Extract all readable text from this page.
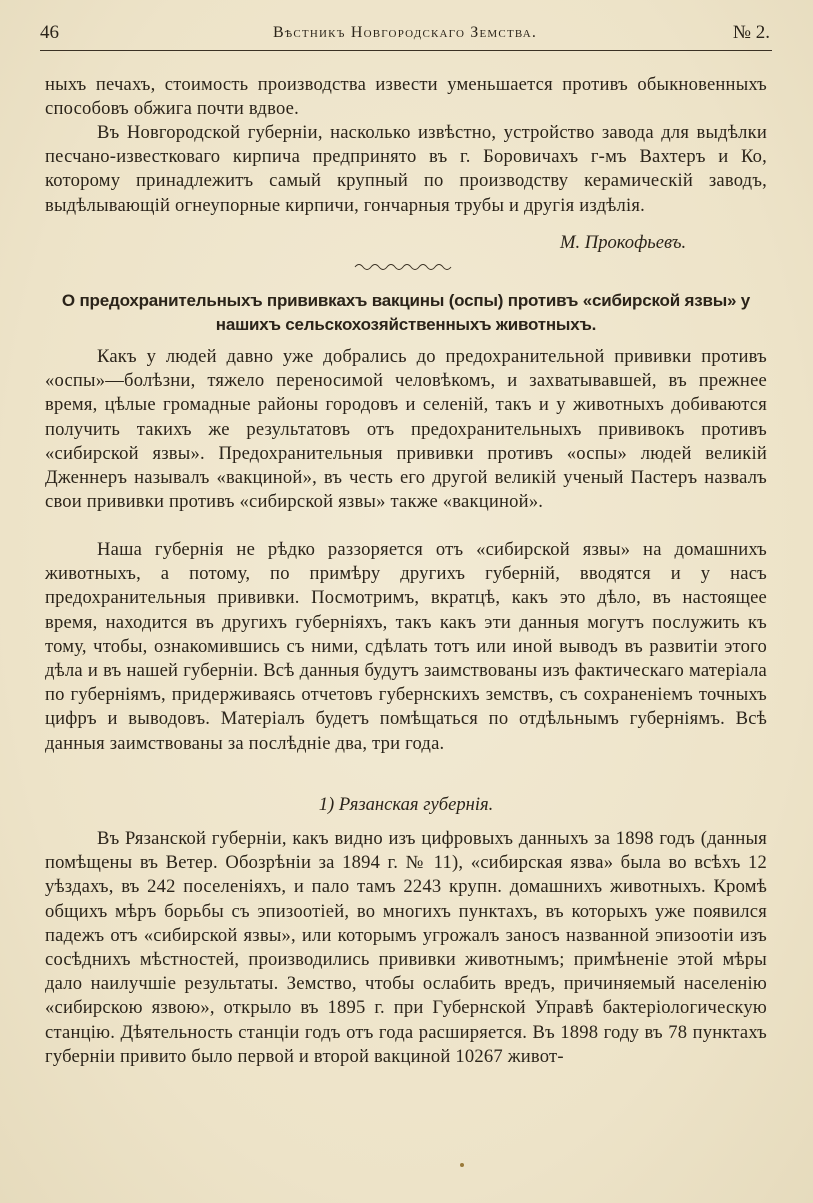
46	Вѣстникъ Новгородскаго Земства.	№ 2.
ныхъ печахъ, стоимость производства извести уменьшается противъ обыкновенныхъ способовъ обжига почти вдвое.
Въ Новгородской губерніи, насколько извѣстно, устройство завода для выдѣлки песчано-известковаго кирпича предпринято въ г. Боровичахъ г-мъ Вахтеръ и Ко, которому принадлежитъ самый крупный по производству керамическій заводъ, выдѣлывающій огнеупорные кирпичи, гончарныя трубы и другія издѣлія.
М. Прокофьевъ.
О предохранительныхъ прививкахъ вакцины (оспы) противъ «сибирской язвы» у нашихъ сельскохозяйственныхъ животныхъ.
Какъ у людей давно уже добрались до предохранительной прививки противъ «оспы»—болѣзни, тяжело переносимой человѣкомъ, и захватывавшей, въ прежнее время, цѣлые громадные районы городовъ и селеній, такъ и у животныхъ добиваются получить такихъ же результатовъ отъ предохранительныхъ прививокъ противъ «сибирской язвы». Предохранительныя прививки противъ «оспы» людей великій Дженнеръ называлъ «вакциной», въ честь его другой великій ученый Пастеръ назвалъ свои прививки противъ «сибирской язвы» также «вакциной».
Наша губернія не рѣдко раззоряется отъ «сибирской язвы» на домашнихъ животныхъ, а потому, по примѣру другихъ губерній, вводятся и у насъ предохранительныя прививки. Посмотримъ, вкратцѣ, какъ это дѣло, въ настоящее время, находится въ другихъ губерніяхъ, такъ какъ эти данныя могутъ послужить къ тому, чтобы, ознакомившись съ ними, сдѣлать тотъ или иной выводъ въ развитіи этого дѣла и въ нашей губерніи. Всѣ данныя будутъ заимствованы изъ фактическаго матеріала по губерніямъ, придерживаясь отчетовъ губернскихъ земствъ, съ сохраненіемъ точныхъ цифръ и выводовъ. Матеріалъ будетъ помѣщаться по отдѣльнымъ губерніямъ. Всѣ данныя заимствованы за послѣдніе два, три года.
1) Рязанская губернія.
Въ Рязанской губерніи, какъ видно изъ цифровыхъ данныхъ за 1898 годъ (данныя помѣщены въ Ветер. Обозрѣніи за 1894 г. № 11), «сибирская язва» была во всѣхъ 12 уѣздахъ, въ 242 поселеніяхъ, и пало тамъ 2243 крупн. домашнихъ животныхъ. Кромѣ общихъ мѣръ борьбы съ эпизоотіей, во многихъ пунктахъ, въ которыхъ уже появился падежъ отъ «сибирской язвы», или которымъ угрожалъ заносъ названной эпизоотіи изъ сосѣднихъ мѣстностей, производились прививки животнымъ; примѣненіе этой мѣры дало наилучшіе результаты. Земство, чтобы ослабить вредъ, причиняемый населенію «сибирскою язвою», открыло въ 1895 г. при Губернской Управѣ бактеріологическую станцію. Дѣятельность станціи годъ отъ года расширяется. Въ 1898 году въ 78 пунктахъ губерніи привито было первой и второй вакциной 10267 живот-
